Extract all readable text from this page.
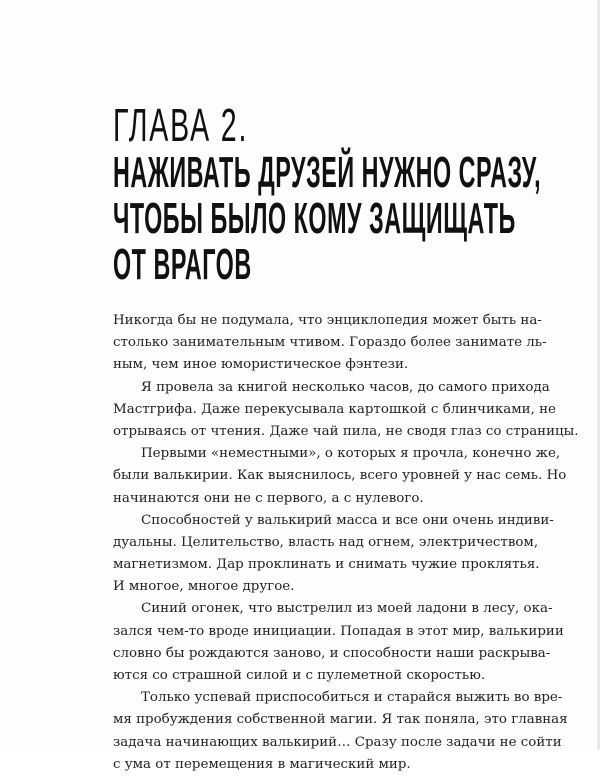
ГЛАВА 2.
НАЖИВАТЬ ДРУЗЕЙ НУЖНО СРАЗУ,
ЧТОБЫ БЫЛО КОМУ ЗАЩИЩАТЬ
ОТ ВРАГОВ
Никогда бы не подумала, что энциклопедия может быть на-
столько занимательным чтивом. Гораздо более занимате ль-
ным, чем иное юмористическое фэнтези.
Я провела за книгой несколько часов, до самого прихода
Мастгрифа. Даже перекусывала картошкой с блинчиками, не
отрываясь от чтения. Даже чай пила, не сводя глаз со страницы.
Первыми «неместными», о которых я прочла, конечно же,
были валькирии. Как выяснилось, всего уровней у нас семь. Но
начинаются они не с первого, а с нулевого.
Способностей у валькирий масса и все они очень индиви-
дуальны. Целительство, власть над огнем, электричеством,
магнетизмом. Дар проклинать и снимать чужие проклятья.
И многое, многое другое.
Синий огонек, что выстрелил из моей ладони в лесу, ока-
зался чем-то вроде инициации. Попадая в этот мир, валькирии
словно бы рождаются заново, и способности наши раскрыва-
ются со страшной силой и с пулеметной скоростью.
Только успевай приспособиться и старайся выжить во вре-
мя пробуждения собственной магии. Я так поняла, это главная
задача начинающих валькирий… Сразу после задачи не сойти
с ума от перемещения в магический мир.
